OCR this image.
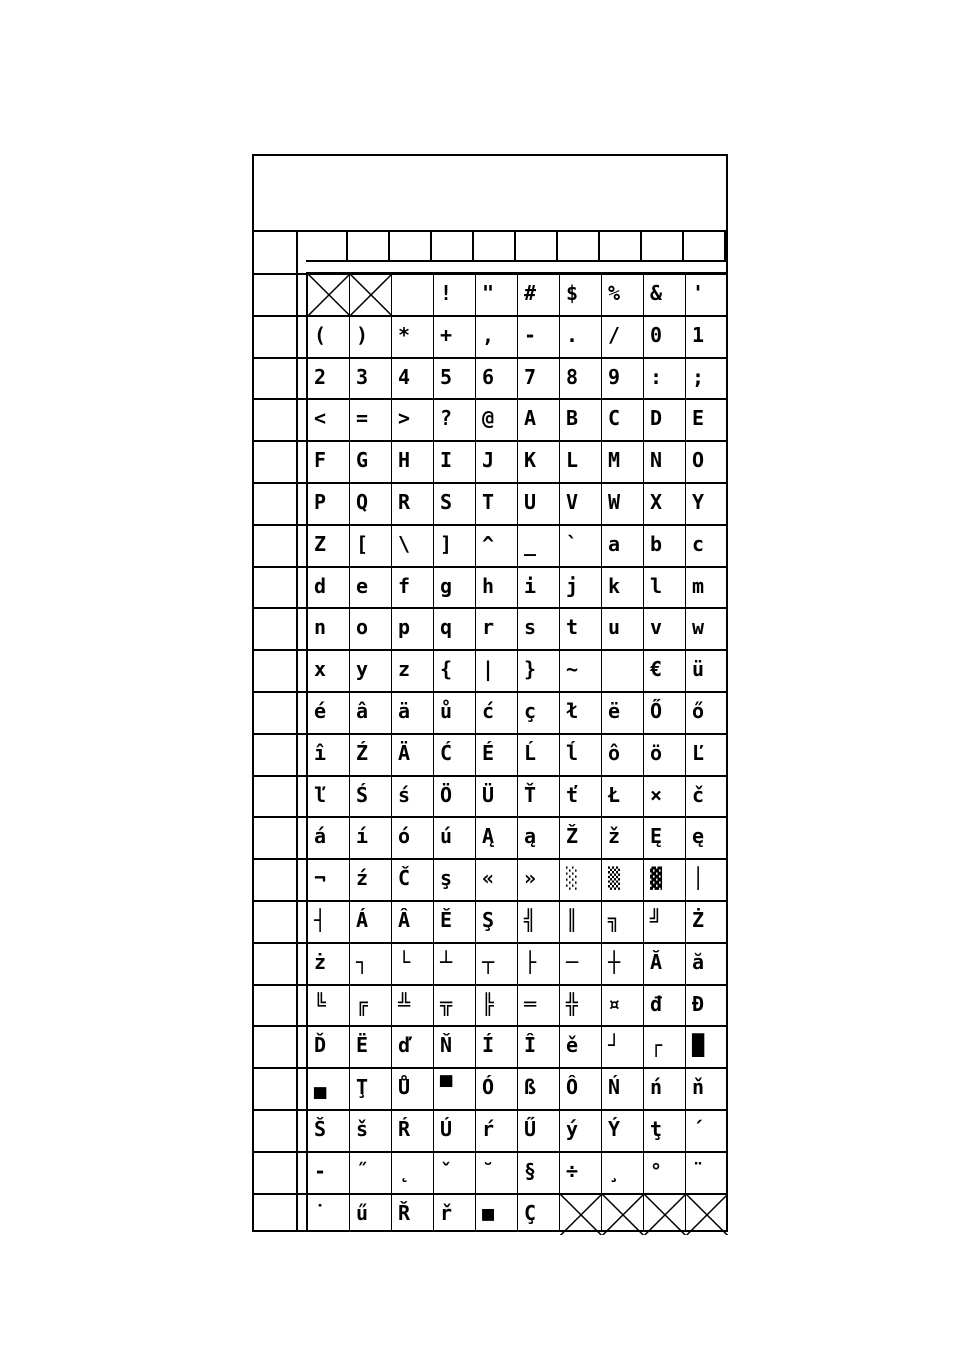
! " # $ % & '
( ) * + , - . / 0 1
2 3 4 5 6 7 8 9 : ;
< = > ? @ A B C D E
F G H I J K L M N O
P Q R S T U V W X Y
Z [ \ ] ^ _ ` a b c
d e f g h i j k l m
n o p q r s t u v w
x y z { | } ~	€ ü
é â ä ů ć ç ł ë Ő ő
î Ź Ä Ć É Ĺ ĺ ô ö Ľ
ľ Ś ś Ö Ü Ť ť Ł × č
á í ó ú Ą ą Ž ž Ę ę
¬ ź Č ş « » ░ ▒ ▓ │
┤ Á Â Ě Ş ╣ ║ ╗ ╝ Ż
ż ┐ └ ┴ ┬ ├ ─ ┼ Ă ă
╚ ╔ ╩ ╦ ╠ ═ ╬ ¤ đ Đ
Ď Ë ď Ň Í Î ě ┘ ┌ █
▄ Ţ Ů ▀ Ó ß Ô Ń ń ň
Š š Ŕ Ú ŕ Ű ý Ý ţ ´
- ˝ ˛ ˇ ˘ § ÷ ¸ ° ¨
˙ ű Ř ř ■ Ç
